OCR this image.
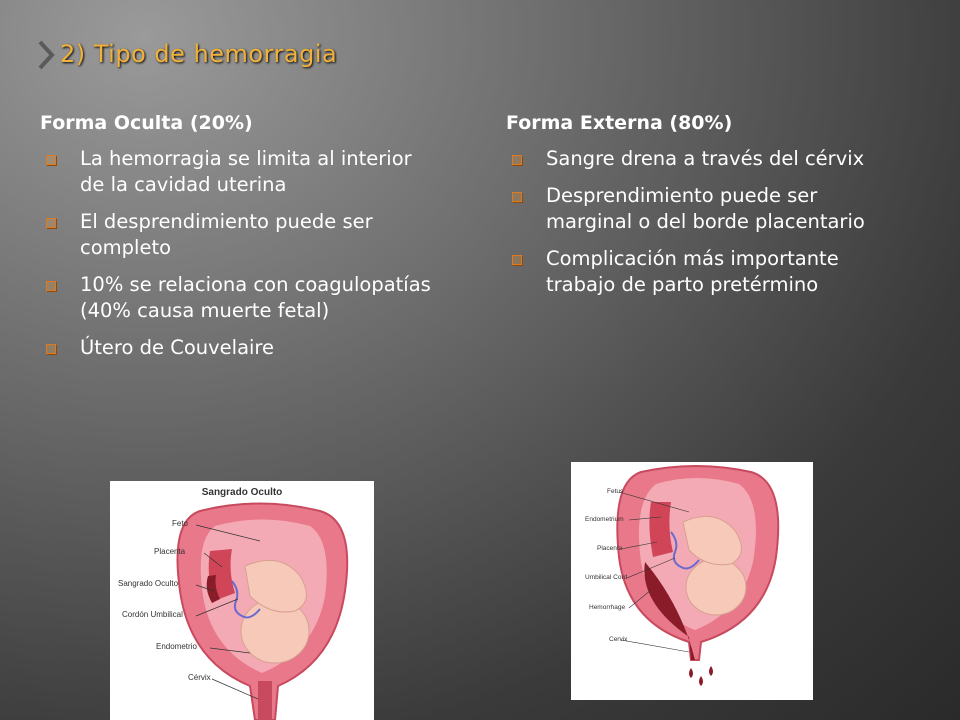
2) Tipo de hemorragia
Forma Oculta (20%)
La hemorragia se limita al interior de la cavidad uterina
El desprendimiento puede ser completo
10% se relaciona con coagulopatías (40% causa muerte fetal)
Útero de Couvelaire
Forma Externa (80%)
Sangre drena a través del cérvix
Desprendimiento puede ser marginal o del borde placentario
Complicación más importante trabajo de parto pretérmino
Sangrado Oculto
Feto
Placenta
Sangrado Oculto
Cordón Umbilical
Endometrio
Cérvix
Fetus
Endometrium
Placenta
Umbilical Cord
Hemorrhage
Cervix
